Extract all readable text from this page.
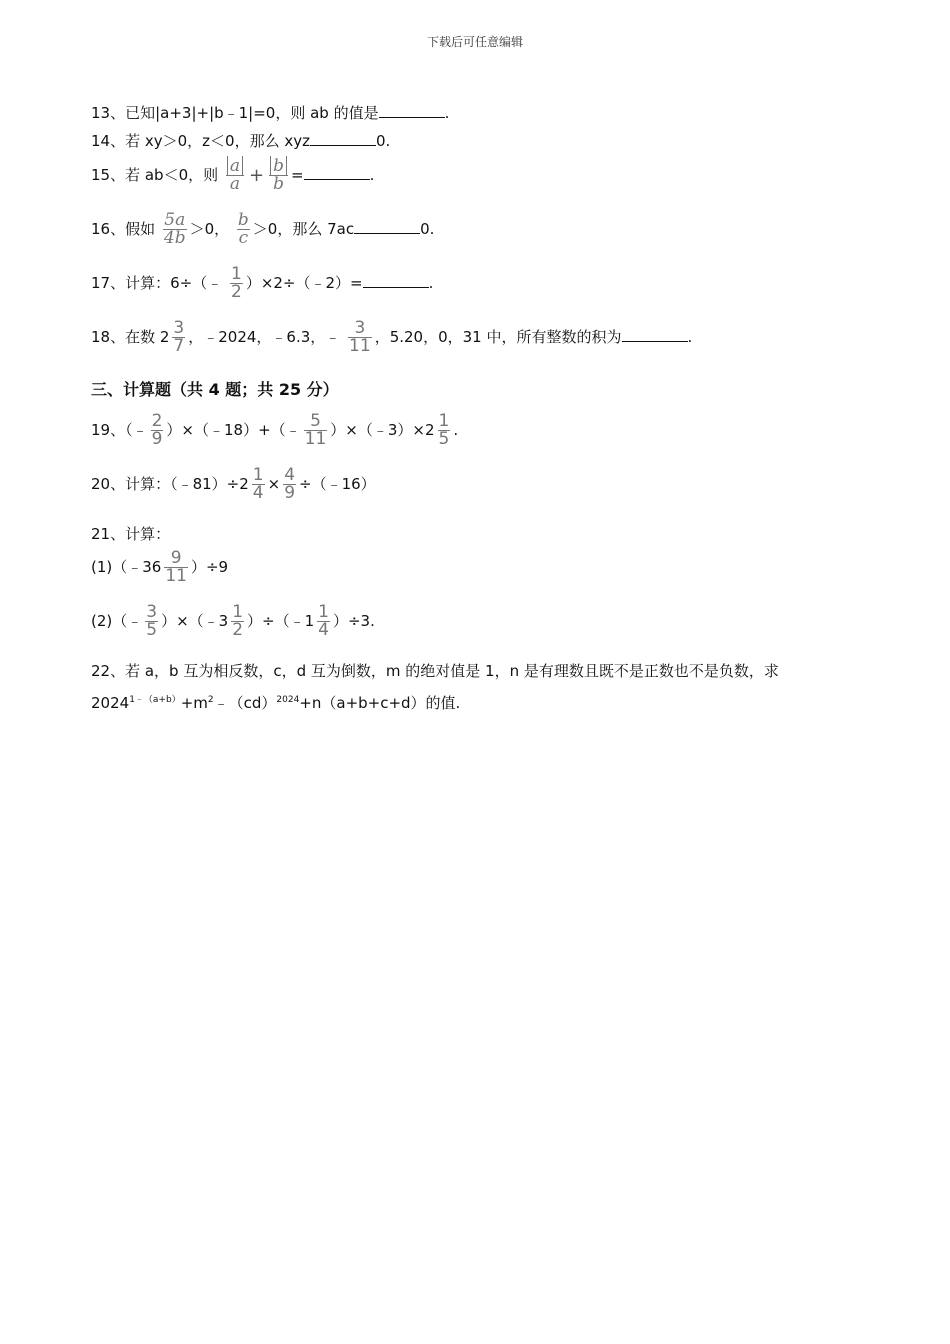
下载后可任意编辑
13、已知|a+3|+|b﹣1|=0，则 ab 的值是	.
14、若 xy＞0，z＜0，那么 xyz	0.
15、若 ab＜0，则 $\frac{a}{a} + \frac{b}{b}$ =	.
16、假如 $\frac{5a}{4b} >0$， $\frac{b}{c} >0$，那么 7ac	0.
17、计算：6÷（﹣ $\frac{1}{2}$ ）×2÷（﹣2）=	.
18、在数 $2 \frac{3}{7}$ ，﹣2024，﹣6.3，﹣ $\frac{3}{11}$ ，5.20，0，31 中，所有整数的积为	.
三、计算题（共 4 题；共 25 分）
19、（﹣ $\frac{2}{9}$ ）×（﹣18）+（﹣ $\frac{5}{11}$ ）×（﹣3）×2 $\frac{1}{5}$ .
20、计算：（﹣81）÷2 $\frac{1}{4} \times \frac{4}{9}$ ÷（﹣16）
21、计算：
(1)（﹣36 $\frac{9}{11} )\div 9$
(2)（﹣ $\frac{3}{5}$ ）×（﹣3 $\frac{1}{2}$ ）÷（﹣1 $\frac{1}{4} )\div 3$.
22、若 a，b 互为相反数，c，d 互为倒数，m 的绝对值是 1，n 是有理数且既不是正数也不是负数，求
$2024^{1﹣(a+b)}+m^2﹣(cd)^{2024}+n(a+b+c+d)$的值.
